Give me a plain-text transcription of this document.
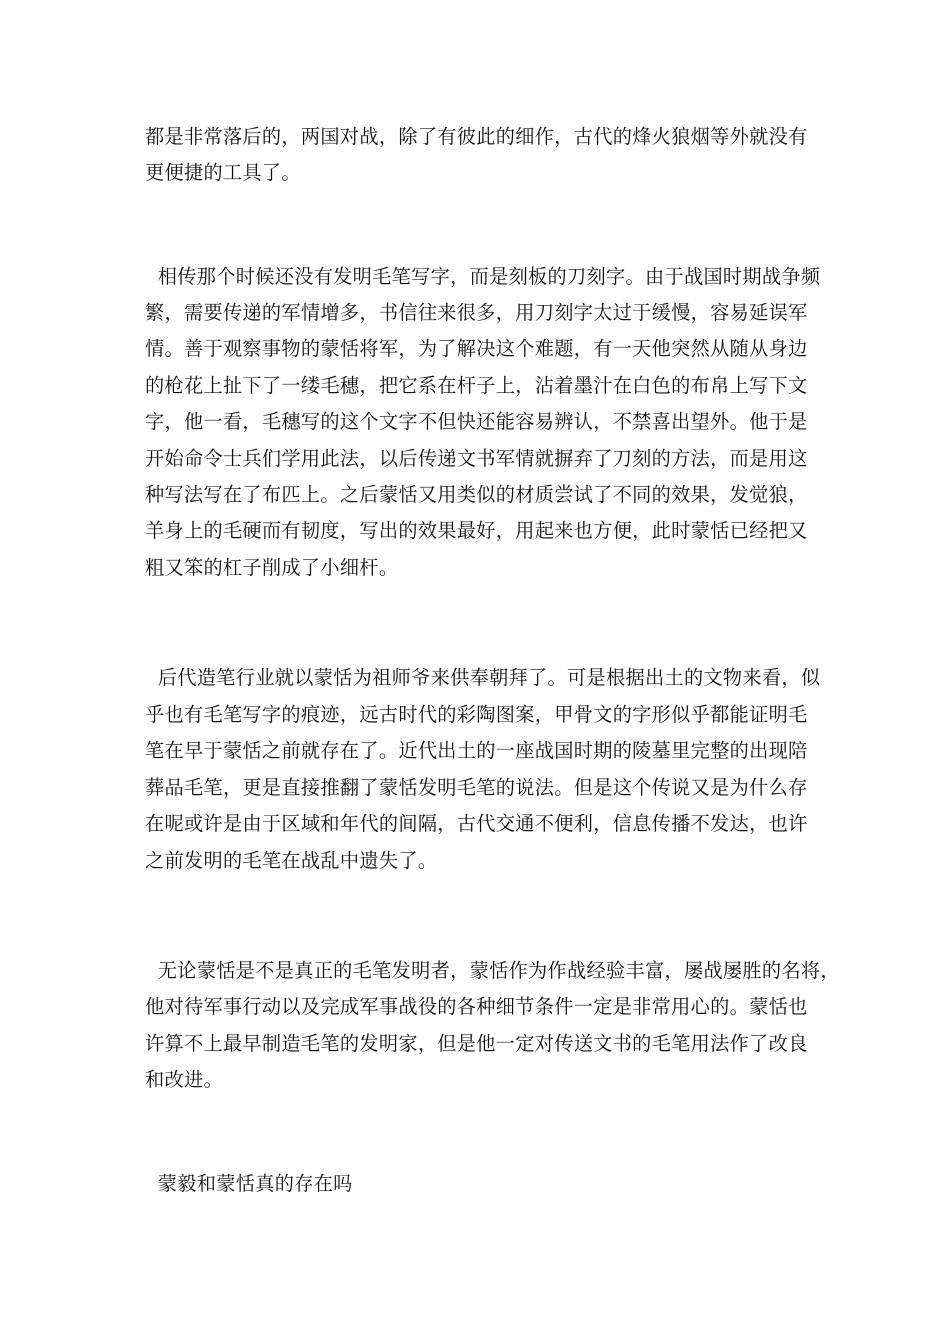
都是非常落后的，两国对战，除了有彼此的细作，古代的烽火狼烟等外就没有
更便捷的工具了。
相传那个时候还没有发明毛笔写字，而是刻板的刀刻字。由于战国时期战争频
繁，需要传递的军情增多，书信往来很多，用刀刻字太过于缓慢，容易延误军
情。善于观察事物的蒙恬将军，为了解决这个难题，有一天他突然从随从身边
的枪花上扯下了一缕毛穗，把它系在杆子上，沾着墨汁在白色的布帛上写下文
字，他一看，毛穗写的这个文字不但快还能容易辨认，不禁喜出望外。他于是
开始命令士兵们学用此法，以后传递文书军情就摒弃了刀刻的方法，而是用这
种写法写在了布匹上。之后蒙恬又用类似的材质尝试了不同的效果，发觉狼，
羊身上的毛硬而有韧度，写出的效果最好，用起来也方便，此时蒙恬已经把又
粗又笨的杠子削成了小细杆。
后代造笔行业就以蒙恬为祖师爷来供奉朝拜了。可是根据出土的文物来看，似
乎也有毛笔写字的痕迹，远古时代的彩陶图案，甲骨文的字形似乎都能证明毛
笔在早于蒙恬之前就存在了。近代出土的一座战国时期的陵墓里完整的出现陪
葬品毛笔，更是直接推翻了蒙恬发明毛笔的说法。但是这个传说又是为什么存
在呢或许是由于区域和年代的间隔，古代交通不便利，信息传播不发达，也许
之前发明的毛笔在战乱中遗失了。
无论蒙恬是不是真正的毛笔发明者，蒙恬作为作战经验丰富，屡战屡胜的名将，
他对待军事行动以及完成军事战役的各种细节条件一定是非常用心的。蒙恬也
许算不上最早制造毛笔的发明家，但是他一定对传送文书的毛笔用法作了改良
和改进。
蒙毅和蒙恬真的存在吗
